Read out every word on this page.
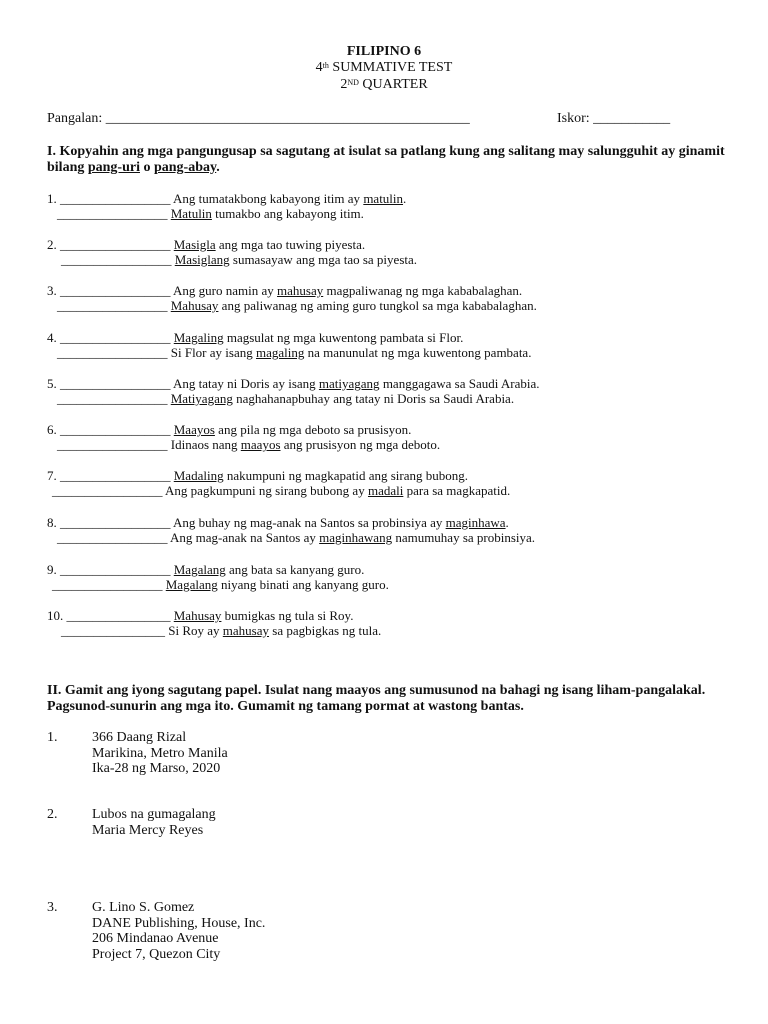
FILIPINO 6
4th SUMMATIVE TEST
2ND QUARTER
Pangalan: ____________________________________________________	Iskor: ___________
I. Kopyahin ang mga pangungusap sa sagutang at isulat sa patlang kung ang salitang may salungguhit ay ginamit bilang pang-uri o pang-abay.
1. _________________ Ang tumatakbong kabayong itim ay matulin.
_________________ Matulin tumakbo ang kabayong itim.
2. _________________ Masigla ang mga tao tuwing piyesta.
_________________ Masiglang sumasayaw ang mga tao sa piyesta.
3. _________________ Ang guro namin ay mahusay magpaliwanag ng mga kababalaghan.
_________________ Mahusay ang paliwanag ng aming guro tungkol sa mga kababalaghan.
4. _________________ Magaling magsulat ng mga kuwentong pambata si Flor.
_________________ Si Flor ay isang magaling na manunulat ng mga kuwentong pambata.
5. _________________ Ang tatay ni Doris ay isang matiyagang manggagawa sa Saudi Arabia.
_________________ Matiyagang naghahanapbuhay ang tatay ni Doris sa Saudi Arabia.
6. _________________ Maayos ang pila ng mga deboto sa prusisyon.
_________________ Idinaos nang maayos ang prusisyon ng mga deboto.
7. _________________ Madaling nakumpuni ng magkapatid ang sirang bubong.
_________________ Ang pagkumpuni ng sirang bubong ay madali para sa magkapatid.
8. _________________ Ang buhay ng mag-anak na Santos sa probinsiya ay maginhawa.
_________________ Ang mag-anak na Santos ay maginhawang namumuhay sa probinsiya.
9. _________________ Magalang ang bata sa kanyang guro.
_________________ Magalang niyang binati ang kanyang guro.
10. ________________ Mahusay bumigkas ng tula si Roy.
________________ Si Roy ay mahusay sa pagbigkas ng tula.
II. Gamit ang iyong sagutang papel. Isulat nang maayos ang sumusunod na bahagi ng isang liham-pangalakal. Pagsunod-sunurin ang mga ito. Gumamit ng tamang pormat at wastong bantas.
1. 366 Daang Rizal
Marikina, Metro Manila
Ika-28 ng Marso, 2020
2. Lubos na gumagalang
Maria Mercy Reyes
3. G. Lino S. Gomez
DANE Publishing, House, Inc.
206 Mindanao Avenue
Project 7, Quezon City
